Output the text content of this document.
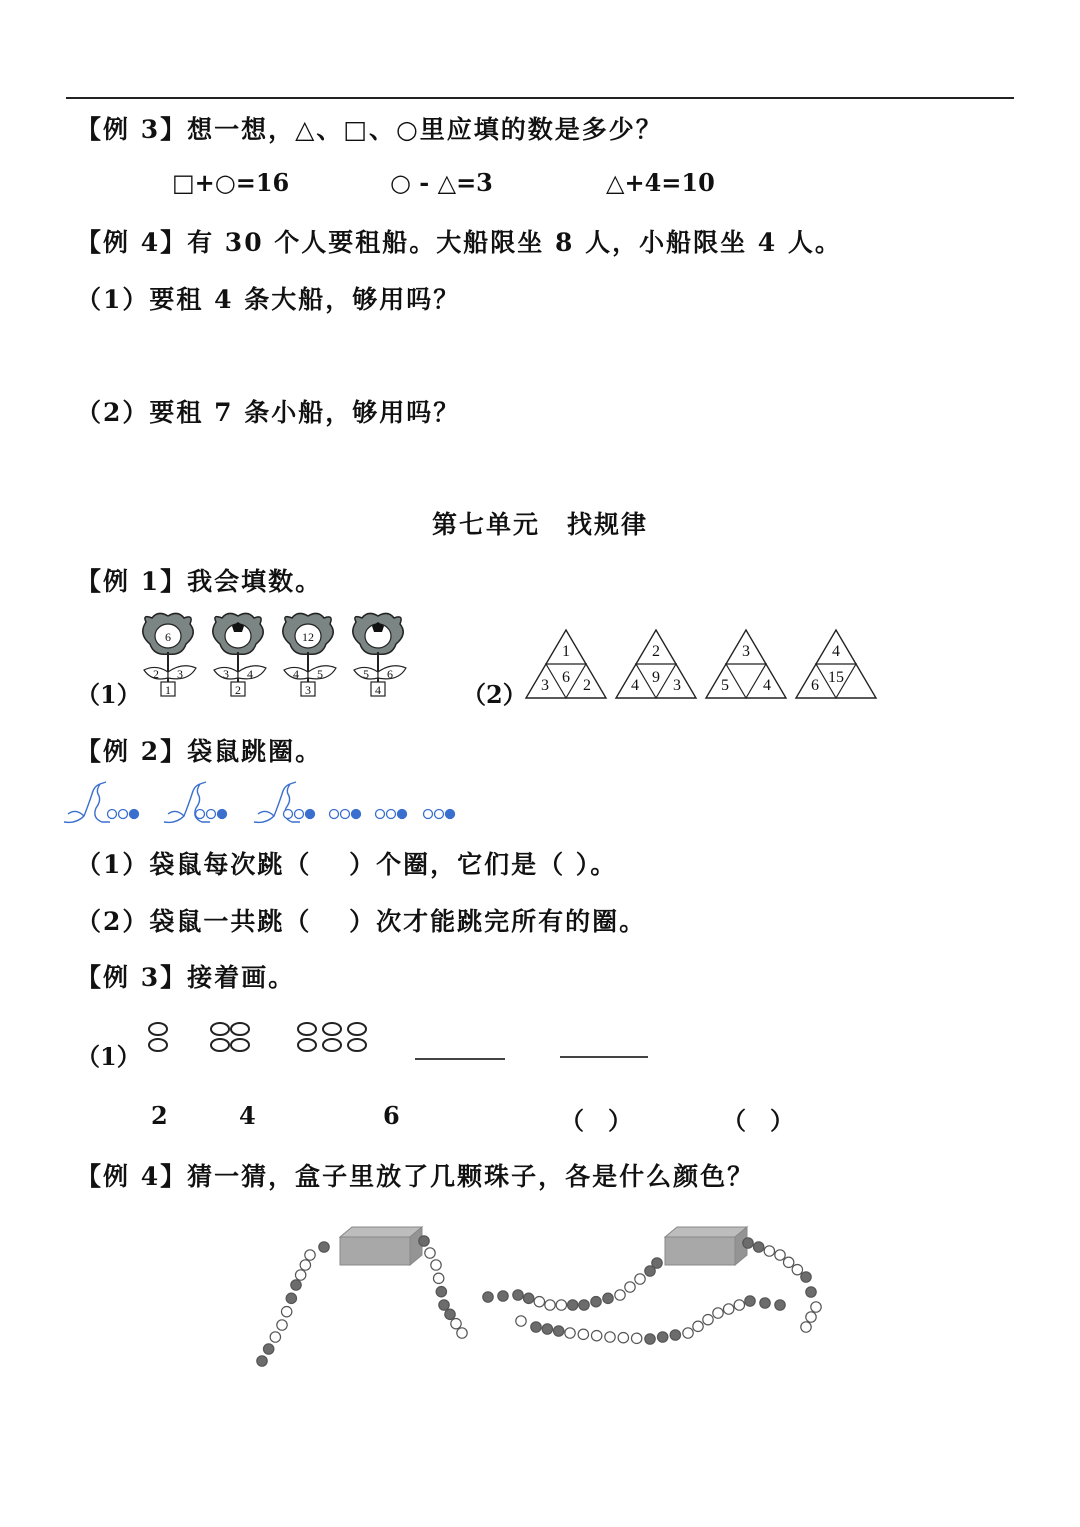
【例 3】想一想，△、□、○里应填的数是多少？
□+○=16	○ - △=3	△+4=10
【例 4】有 30 个人要租船。大船限坐 8 人，小船限坐 4 人。
（1）要租 4 条大船，够用吗？
（2）要租 7 条小船，够用吗？
第七单元　找规律
【例 1】我会填数。
（1）	（2）
6
2 3
1
3 4
2
12
4 5
3
5 6
4
1
3 6 2
2
4 9 3
3
5 4
4
6 15
【例 2】袋鼠跳圈。
（1）袋鼠每次跳（　 ）个圈，它们是（ ）。
（2）袋鼠一共跳（　 ）次才能跳完所有的圈。
【例 3】接着画。
（1）
2	4	6	（　）	（　）
【例 4】猜一猜，盒子里放了几颗珠子，各是什么颜色？
